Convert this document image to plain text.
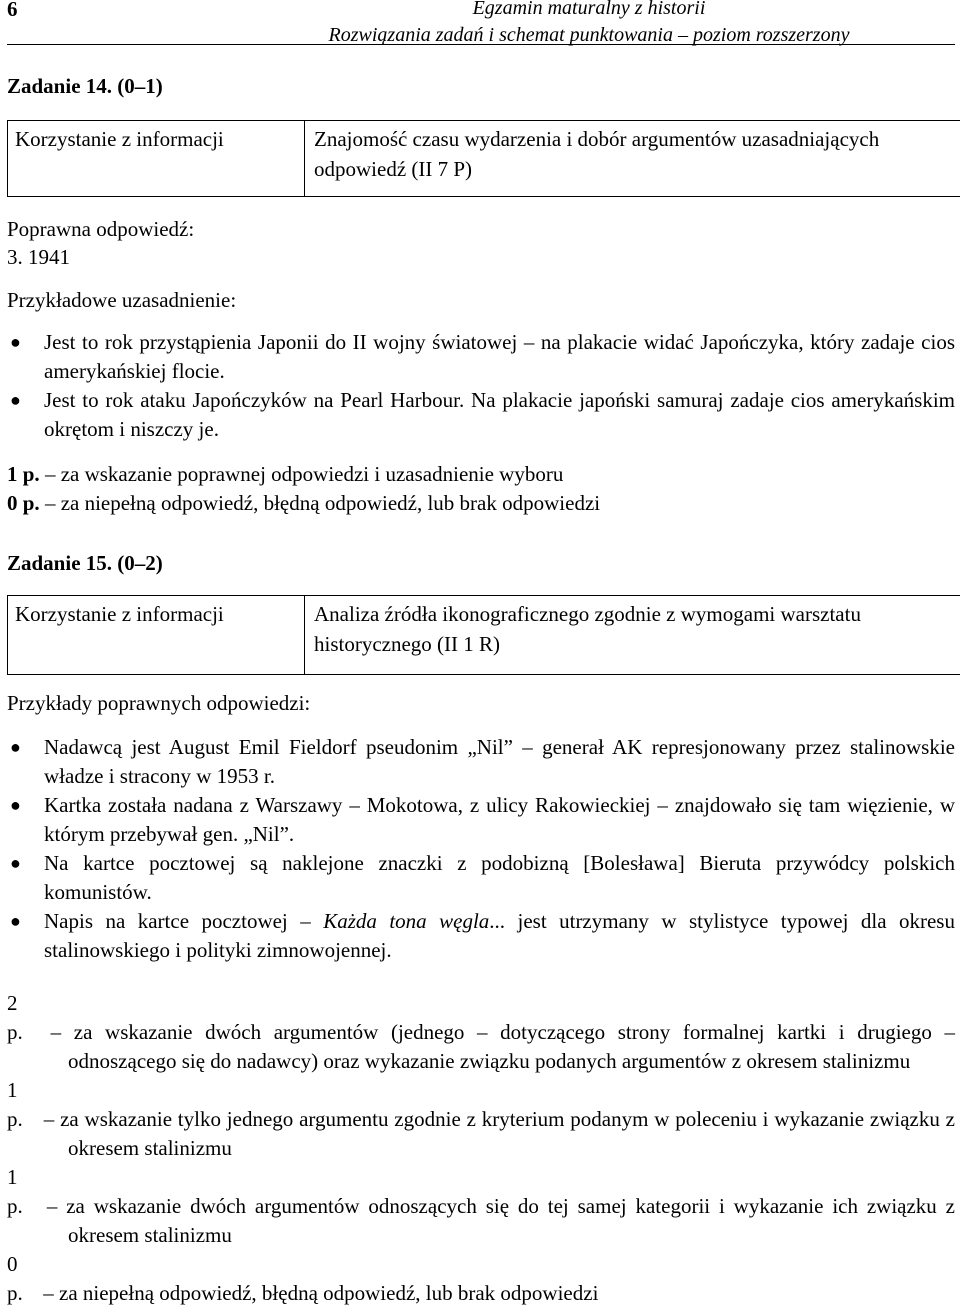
6	Egzamin maturalny z historii
Rozwiązania zadań i schemat punktowania – poziom rozszerzony
Zadanie 14. (0–1)
Korzystanie z informacji	Znajomość czasu wydarzenia i dobór argumentów uzasadniających odpowiedź (II 7 P)
Poprawna odpowiedź:
3. 1941
Przykładowe uzasadnienie:
● Jest to rok przystąpienia Japonii do II wojny światowej – na plakacie widać Japończyka, który zadaje cios amerykańskiej flocie.
● Jest to rok ataku Japończyków na Pearl Harbour. Na plakacie japoński samuraj zadaje cios amerykańskim okrętom i niszczy je.
1 p. – za wskazanie poprawnej odpowiedzi i uzasadnienie wyboru
0 p. – za niepełną odpowiedź, błędną odpowiedź, lub brak odpowiedzi
Zadanie 15. (0–2)
Korzystanie z informacji	Analiza źródła ikonograficznego zgodnie z wymogami warsztatu historycznego (II 1 R)
Przykłady poprawnych odpowiedzi:
● Nadawcą jest August Emil Fieldorf pseudonim „Nil” – generał AK represjonowany przez stalinowskie władze i stracony w 1953 r.
● Kartka została nadana z Warszawy – Mokotowa, z ulicy Rakowieckiej – znajdowało się tam więzienie, w którym przebywał gen. „Nil”.
● Na kartce pocztowej są naklejone znaczki z podobizną [Bolesława] Bieruta przywódcy polskich komunistów.
● Napis na kartce pocztowej – Każda tona węgla... jest utrzymany w stylistyce typowej dla okresu stalinowskiego i polityki zimnowojennej.
2 p. – za wskazanie dwóch argumentów (jednego – dotyczącego strony formalnej kartki i drugiego – odnoszącego się do nadawcy) oraz wykazanie związku podanych argumentów z okresem stalinizmu
1 p. – za wskazanie tylko jednego argumentu zgodnie z kryterium podanym w poleceniu i wykazanie związku z okresem stalinizmu
1 p. – za wskazanie dwóch argumentów odnoszących się do tej samej kategorii i wykazanie ich związku z okresem stalinizmu
0 p. – za niepełną odpowiedź, błędną odpowiedź, lub brak odpowiedzi
